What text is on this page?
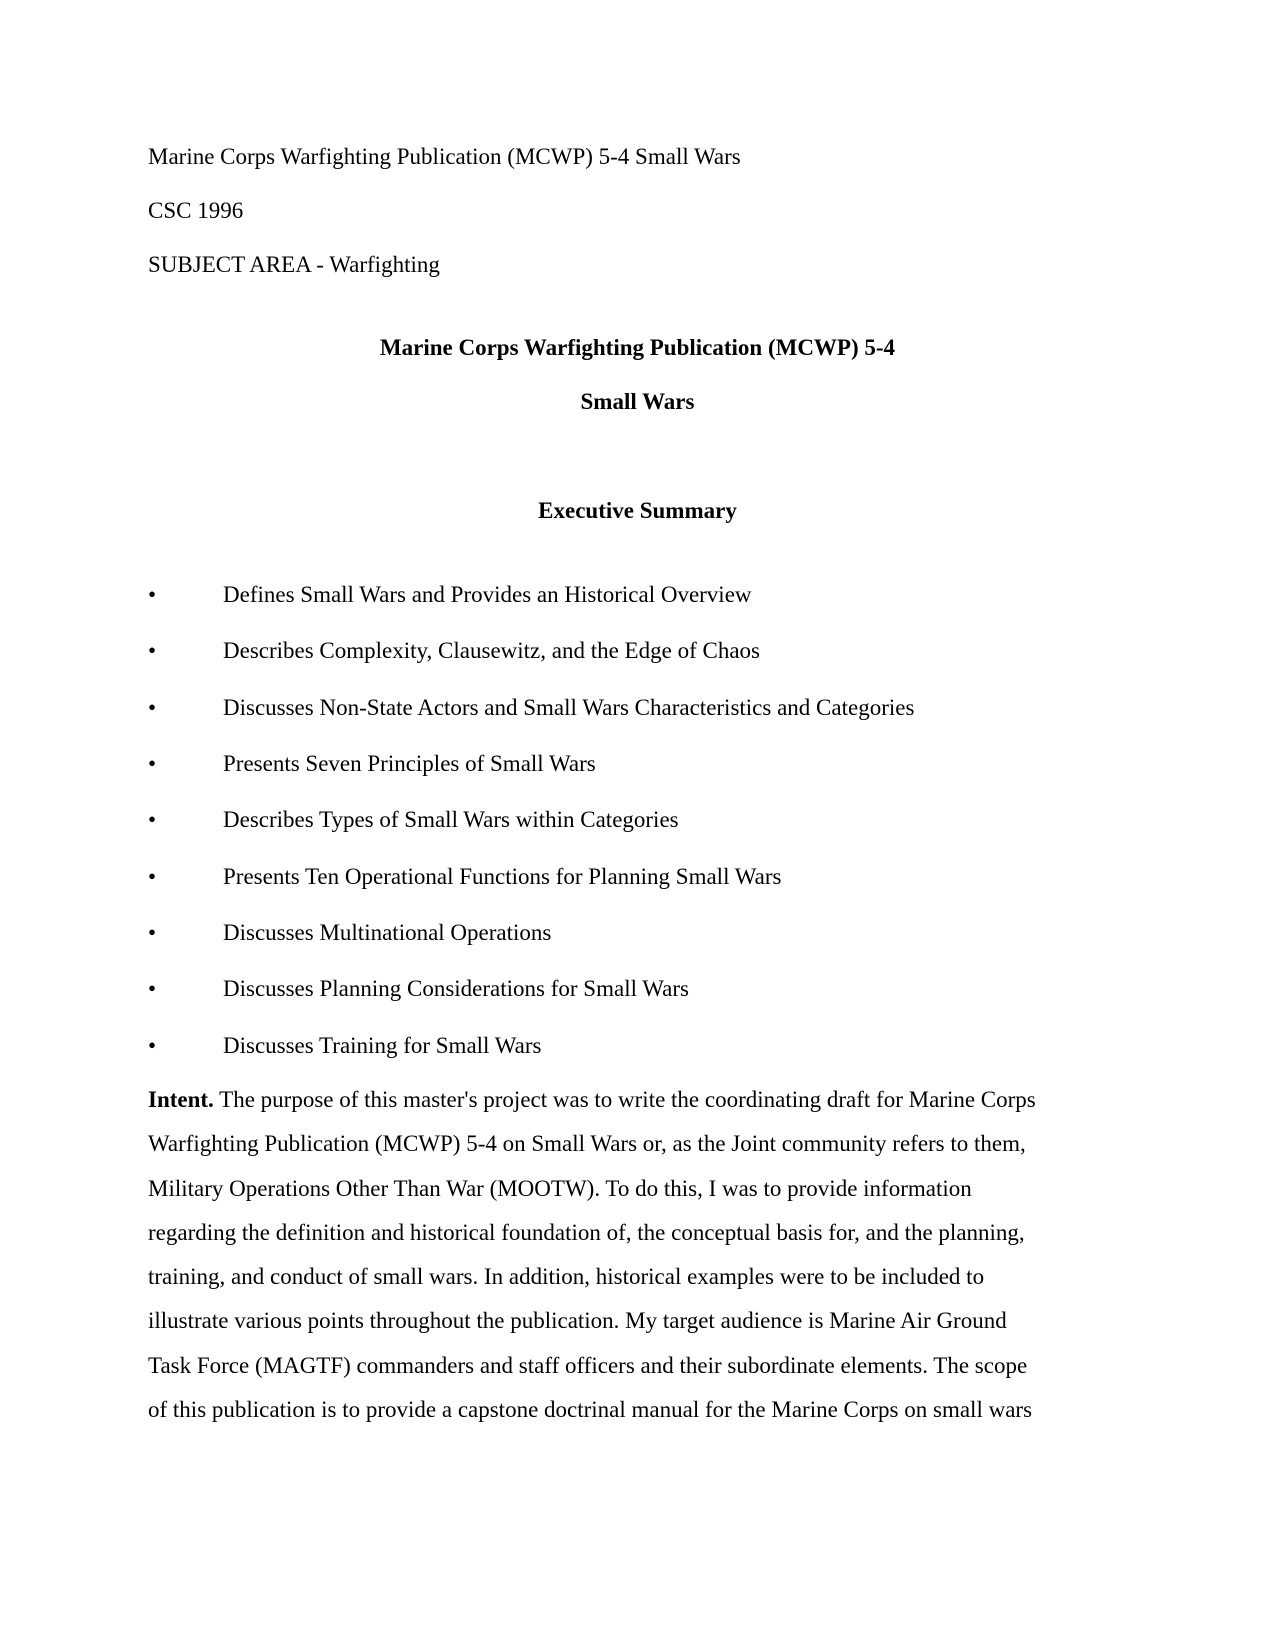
Marine Corps Warfighting Publication (MCWP) 5-4 Small Wars
CSC 1996
SUBJECT AREA - Warfighting
Marine Corps Warfighting Publication (MCWP) 5-4
Small Wars
Executive Summary
•	Defines Small Wars and Provides an Historical Overview
•	Describes Complexity, Clausewitz, and the Edge of Chaos
•	Discusses Non-State Actors and Small Wars Characteristics and Categories
•	Presents Seven Principles of Small Wars
•	Describes Types of Small Wars within Categories
•	Presents Ten Operational Functions for Planning Small Wars
•	Discusses Multinational Operations
•	Discusses Planning Considerations for Small Wars
•	Discusses Training for Small Wars
Intent. The purpose of this master's project was to write the coordinating draft for Marine Corps
Warfighting Publication (MCWP) 5-4 on Small Wars or, as the Joint community refers to them,
Military Operations Other Than War (MOOTW). To do this, I was to provide information
regarding the definition and historical foundation of, the conceptual basis for, and the planning,
training, and conduct of small wars. In addition, historical examples were to be included to
illustrate various points throughout the publication. My target audience is Marine Air Ground
Task Force (MAGTF) commanders and staff officers and their subordinate elements. The scope
of this publication is to provide a capstone doctrinal manual for the Marine Corps on small wars
